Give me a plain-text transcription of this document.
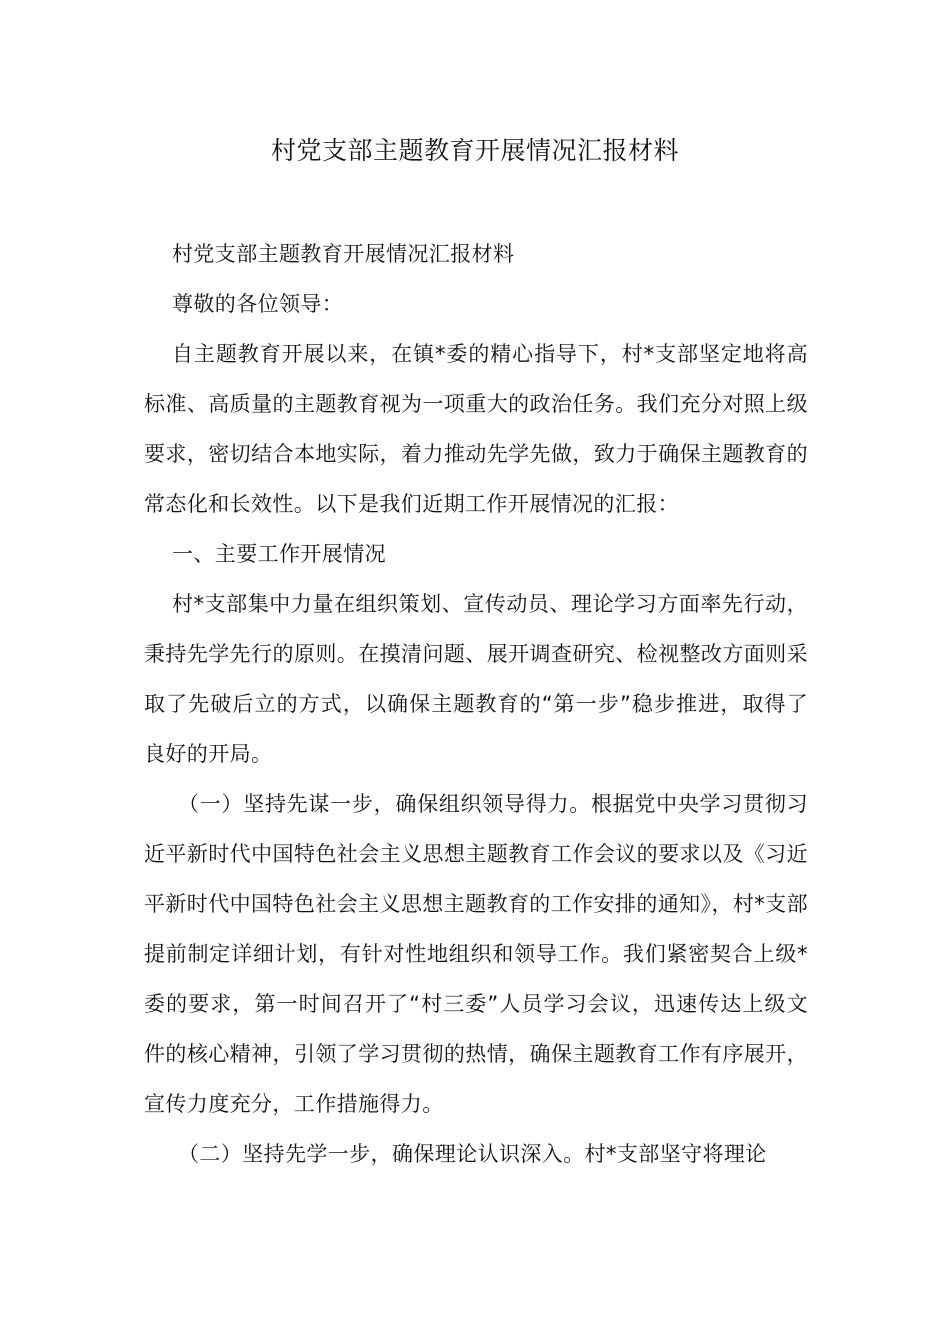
村党支部主题教育开展情况汇报材料

村党支部主题教育开展情况汇报材料

尊敬的各位领导：

自主题教育开展以来，在镇*委的精心指导下，村*支部坚定地将高标准、高质量的主题教育视为一项重大的政治任务。我们充分对照上级要求，密切结合本地实际，着力推动先学先做，致力于确保主题教育的常态化和长效性。以下是我们近期工作开展情况的汇报：

一、主要工作开展情况

村*支部集中力量在组织策划、宣传动员、理论学习方面率先行动，秉持先学先行的原则。在摸清问题、展开调查研究、检视整改方面则采取了先破后立的方式，以确保主题教育的“第一步”稳步推进，取得了良好的开局。

（一）坚持先谋一步，确保组织领导得力。根据党中央学习贯彻习近平新时代中国特色社会主义思想主题教育工作会议的要求以及《习近平新时代中国特色社会主义思想主题教育的工作安排的通知》，村*支部提前制定详细计划，有针对性地组织和领导工作。我们紧密契合上级*委的要求，第一时间召开了“村三委”人员学习会议，迅速传达上级文件的核心精神，引领了学习贯彻的热情，确保主题教育工作有序展开，宣传力度充分，工作措施得力。

（二）坚持先学一步，确保理论认识深入。村*支部坚守将理论
